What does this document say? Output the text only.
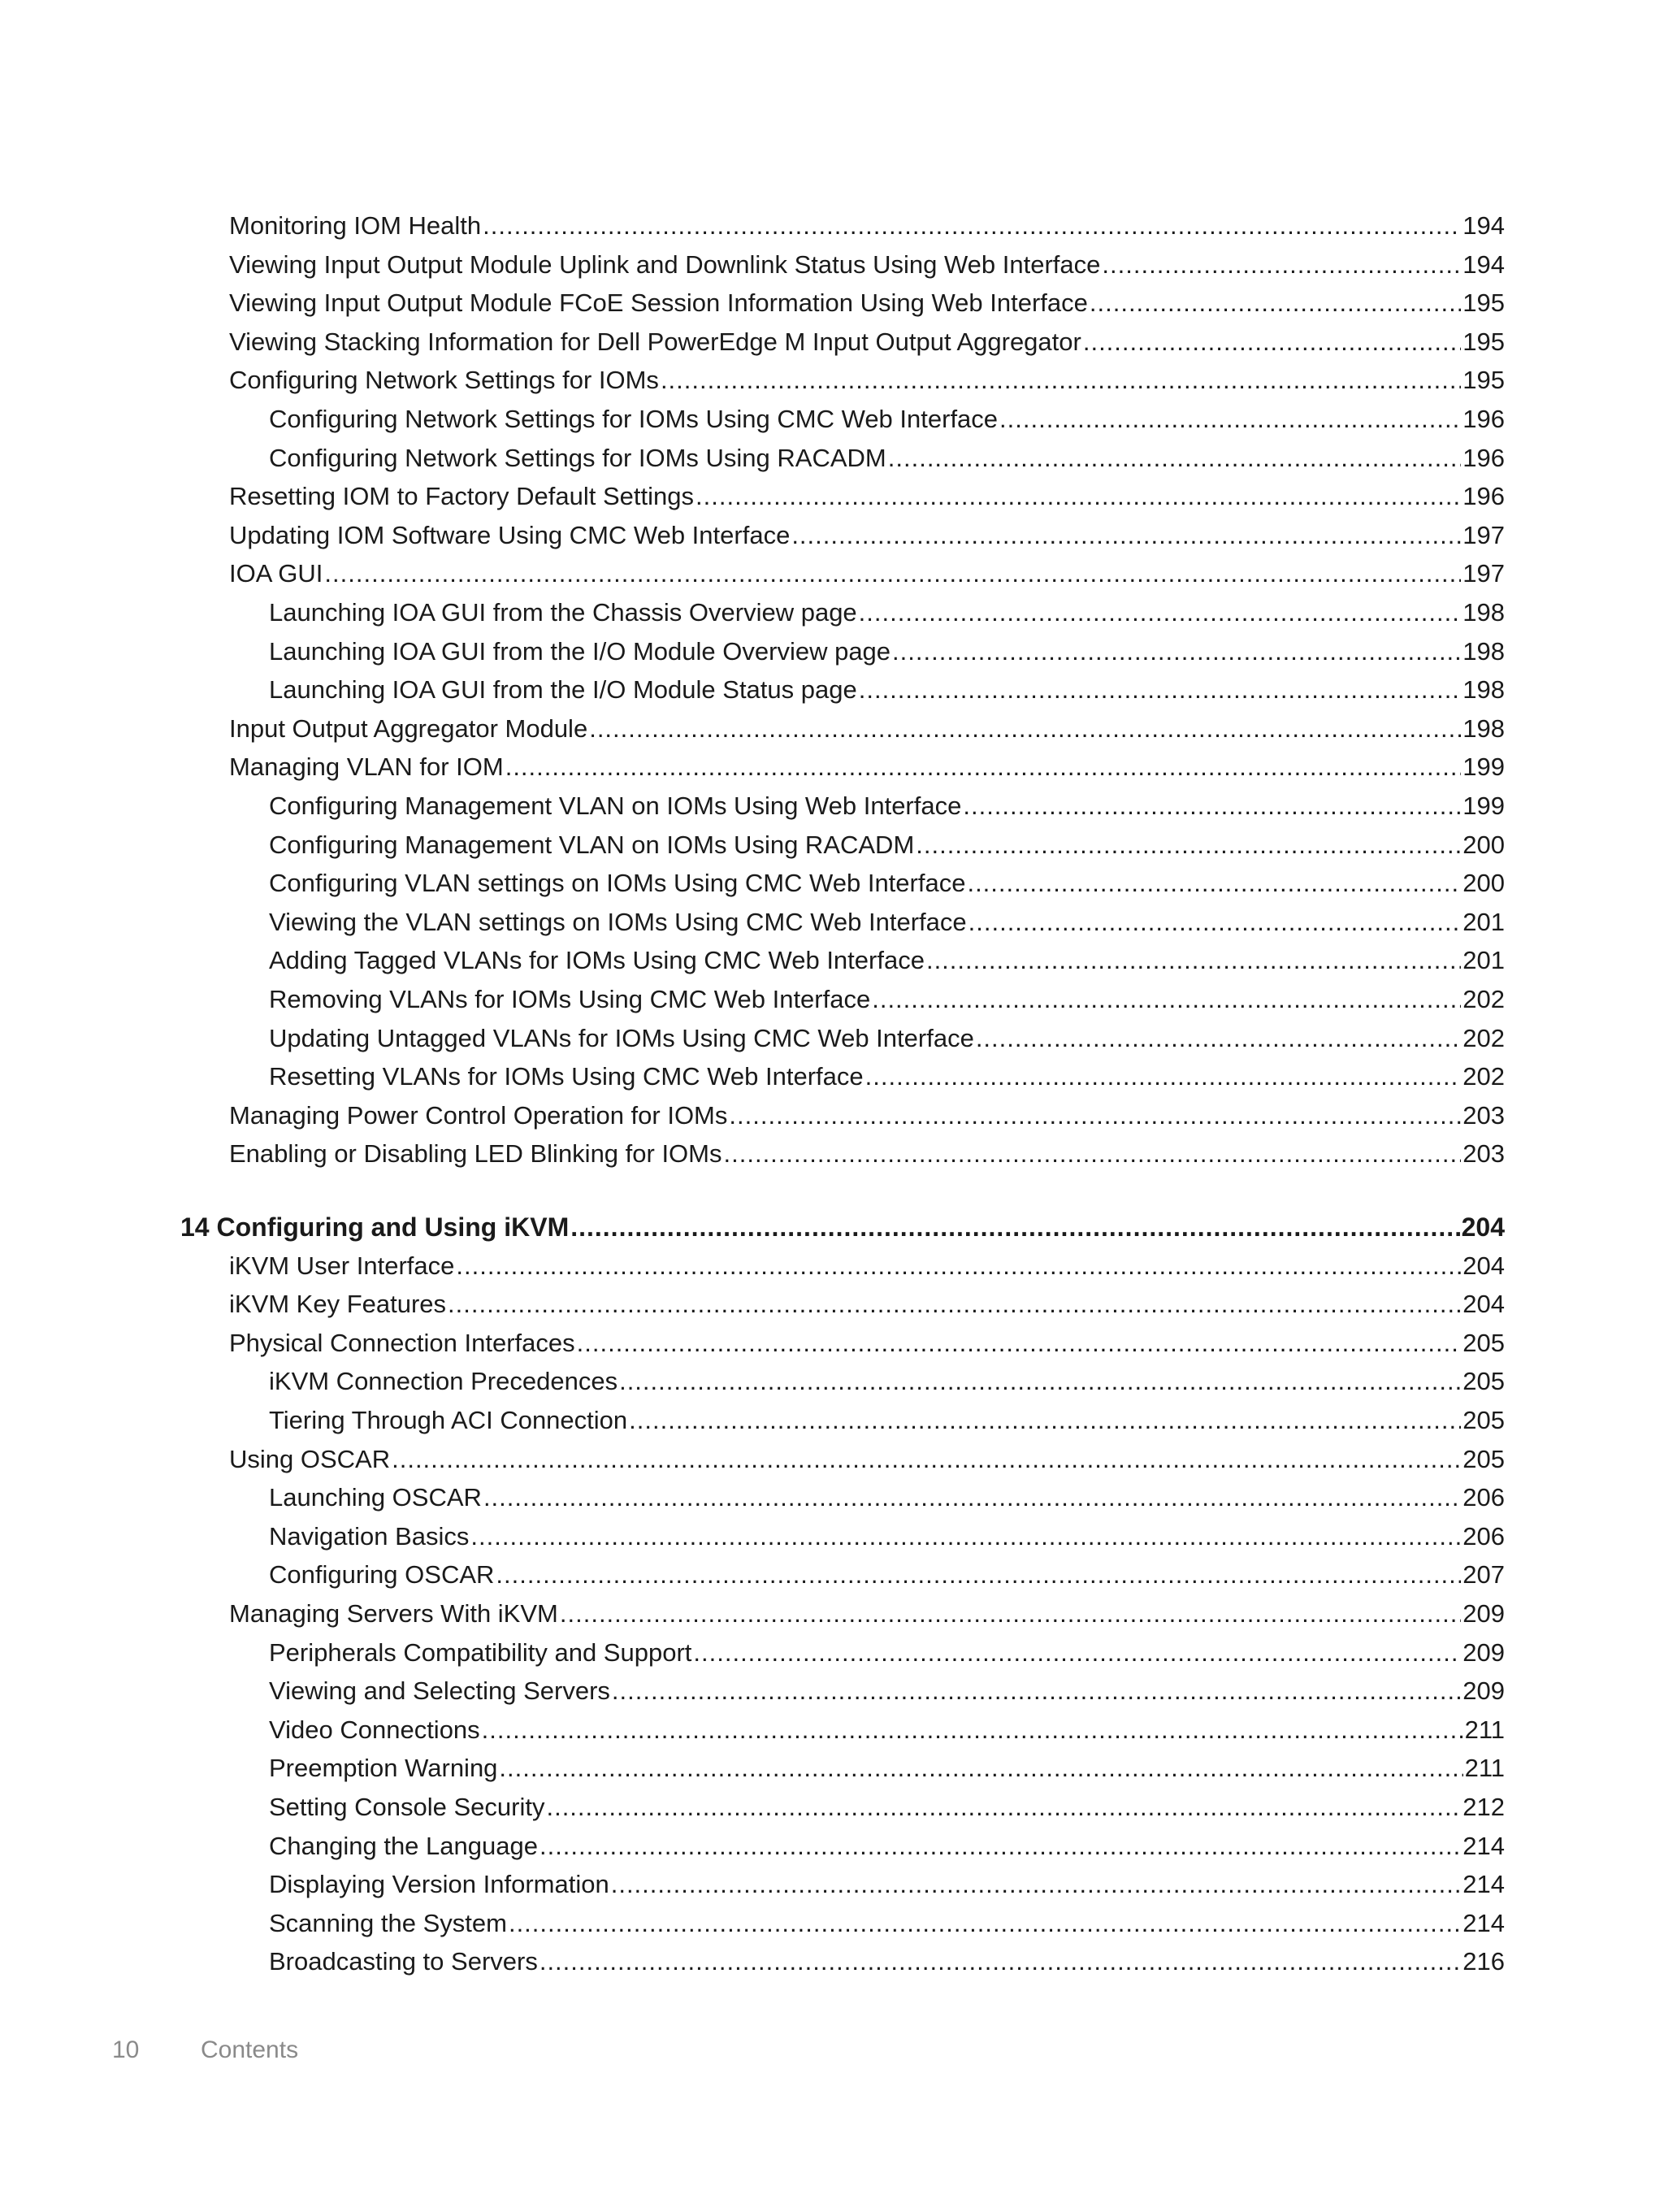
Monitoring IOM Health .....	194
Viewing Input Output Module Uplink and Downlink Status Using Web Interface .....	194
Viewing Input Output Module FCoE Session Information Using Web Interface .....	195
Viewing Stacking Information for Dell PowerEdge M Input Output Aggregator .....	195
Configuring Network Settings for IOMs .....	195
Configuring Network Settings for IOMs Using CMC Web Interface .....	196
Configuring Network Settings for IOMs Using RACADM .....	196
Resetting IOM to Factory Default Settings .....	196
Updating IOM Software Using CMC Web Interface .....	197
IOA GUI .....	197
Launching IOA GUI from the Chassis Overview page .....	198
Launching IOA GUI from the I/O Module Overview page .....	198
Launching IOA GUI from the I/O Module Status page .....	198
Input Output Aggregator Module .....	198
Managing VLAN for IOM .....	199
Configuring Management VLAN on IOMs Using Web Interface .....	199
Configuring Management VLAN on IOMs Using RACADM .....	200
Configuring VLAN settings on IOMs Using CMC Web Interface .....	200
Viewing the VLAN settings on IOMs Using CMC Web Interface .....	201
Adding Tagged VLANs for IOMs Using CMC Web Interface .....	201
Removing VLANs for IOMs Using CMC Web Interface .....	202
Updating Untagged VLANs for IOMs Using CMC Web Interface .....	202
Resetting VLANs for IOMs Using CMC Web Interface .....	202
Managing Power Control Operation for IOMs .....	203
Enabling or Disabling LED Blinking for IOMs .....	203
14 Configuring and Using iKVM .....	204
iKVM User Interface .....	204
iKVM Key Features .....	204
Physical Connection Interfaces .....	205
iKVM Connection Precedences .....	205
Tiering Through ACI Connection .....	205
Using OSCAR .....	205
Launching OSCAR .....	206
Navigation Basics .....	206
Configuring OSCAR .....	207
Managing Servers With iKVM .....	209
Peripherals Compatibility and Support .....	209
Viewing and Selecting Servers .....	209
Video Connections .....	211
Preemption Warning .....	211
Setting Console Security .....	212
Changing the Language .....	214
Displaying Version Information .....	214
Scanning the System .....	214
Broadcasting to Servers .....	216
10	Contents
